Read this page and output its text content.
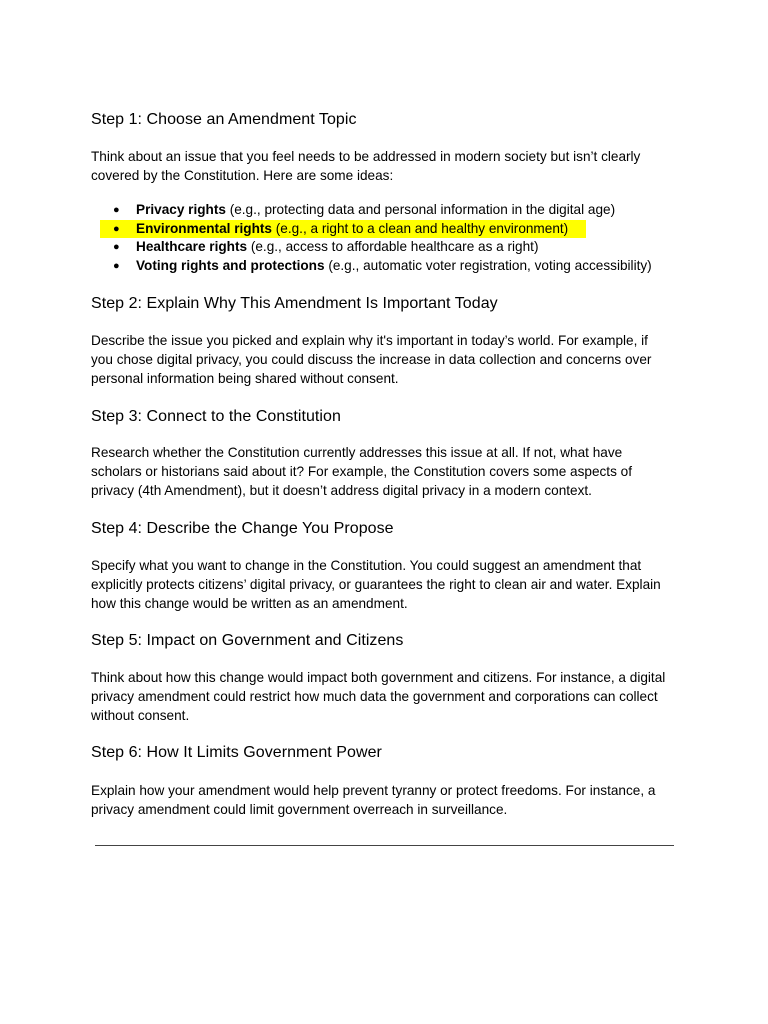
Step 1: Choose an Amendment Topic

Think about an issue that you feel needs to be addressed in modern society but isn’t clearly covered by the Constitution. Here are some ideas:

● Privacy rights (e.g., protecting data and personal information in the digital age)
● Environmental rights (e.g., a right to a clean and healthy environment)
● Healthcare rights (e.g., access to affordable healthcare as a right)
● Voting rights and protections (e.g., automatic voter registration, voting accessibility)
Step 2: Explain Why This Amendment Is Important Today

Describe the issue you picked and explain why it's important in today’s world. For example, if you chose digital privacy, you could discuss the increase in data collection and concerns over personal information being shared without consent.

Step 3: Connect to the Constitution

Research whether the Constitution currently addresses this issue at all. If not, what have scholars or historians said about it? For example, the Constitution covers some aspects of privacy (4th Amendment), but it doesn’t address digital privacy in a modern context.

Step 4: Describe the Change You Propose

Specify what you want to change in the Constitution. You could suggest an amendment that explicitly protects citizens’ digital privacy, or guarantees the right to clean air and water. Explain how this change would be written as an amendment.

Step 5: Impact on Government and Citizens

Think about how this change would impact both government and citizens. For instance, a digital privacy amendment could restrict how much data the government and corporations can collect without consent.

Step 6: How It Limits Government Power

Explain how your amendment would help prevent tyranny or protect freedoms. For instance, a privacy amendment could limit government overreach in surveillance.
